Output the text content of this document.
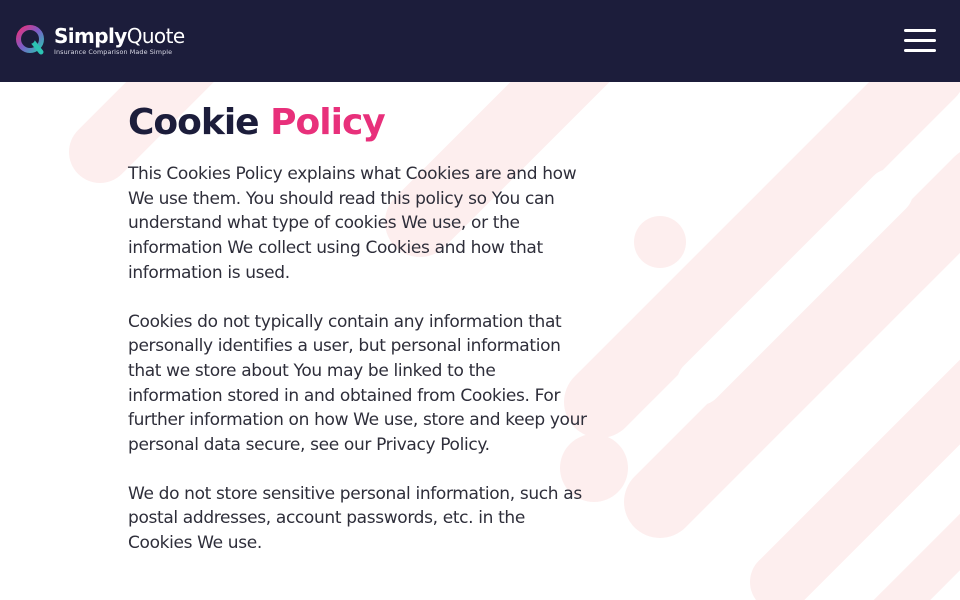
SimplyQuote
Insurance Comparison Made Simple
Cookie Policy

This Cookies Policy explains what Cookies are and how We use them. You should read this policy so You can understand what type of cookies We use, or the information We collect using Cookies and how that information is used.

Cookies do not typically contain any information that personally identifies a user, but personal information that we store about You may be linked to the information stored in and obtained from Cookies. For further information on how We use, store and keep your personal data secure, see our Privacy Policy.

We do not store sensitive personal information, such as postal addresses, account passwords, etc. in the Cookies We use.
